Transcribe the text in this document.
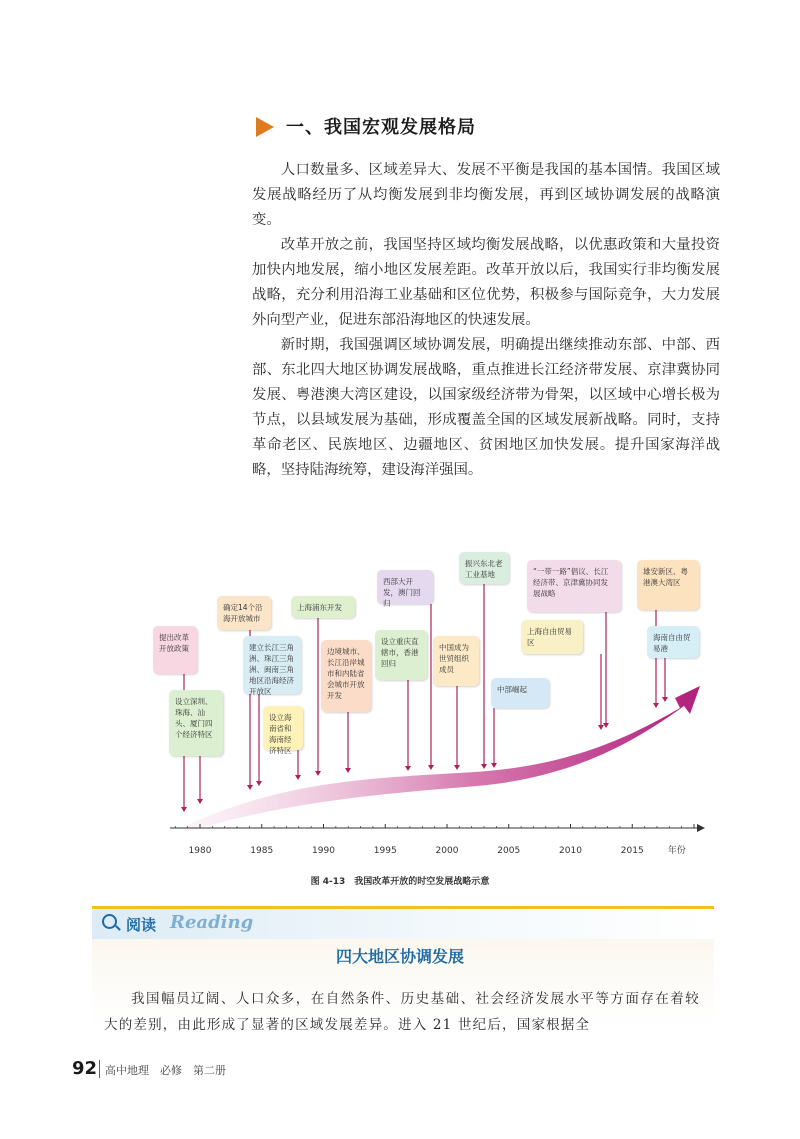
一、我国宏观发展格局

人口数量多、区域差异大、发展不平衡是我国的基本国情。我国区域发展战略经历了从均衡发展到非均衡发展，再到区域协调发展的战略演变。

改革开放之前，我国坚持区域均衡发展战略，以优惠政策和大量投资加快内地发展，缩小地区发展差距。改革开放以后，我国实行非均衡发展战略，充分利用沿海工业基础和区位优势，积极参与国际竞争，大力发展外向型产业，促进东部沿海地区的快速发展。

新时期，我国强调区域协调发展，明确提出继续推动东部、中部、西部、东北四大地区协调发展战略，重点推进长江经济带发展、京津冀协同发展、粤港澳大湾区建设，以国家级经济带为骨架，以区域中心增长极为节点，以县域发展为基础，形成覆盖全国的区域发展新战略。同时，支持革命老区、民族地区、边疆地区、贫困地区加快发展。提升国家海洋战略，坚持陆海统筹，建设海洋强国。

1980	1985	1990	1995	2000	2005	2010	2015	年份
提出改革开放政策
设立深圳、珠海、汕头、厦门四个经济特区
确定14个沿海开放城市
建立长江三角洲、珠江三角洲、闽南三角地区沿海经济开放区
设立海南省和海南经济特区
上海浦东开发
边境城市、长江沿岸城市和内陆省会城市开放开发
西部大开发，澳门回归
设立重庆直辖市，香港回归
中国成为世贸组织成员
振兴东北老工业基地
中部崛起
“一带一路”倡议、长江经济带、京津冀协同发展战略
上海自由贸易区
雄安新区、粤港澳大湾区
海南自由贸易港
图 4-13　我国改革开放的时空发展战略示意
阅读 Reading
四大地区协调发展

我国幅员辽阔、人口众多，在自然条件、历史基础、社会经济发展水平等方面存在着较大的差别，由此形成了显著的区域发展差异。进入 21 世纪后，国家根据全

92 高中地理　必修　第二册
